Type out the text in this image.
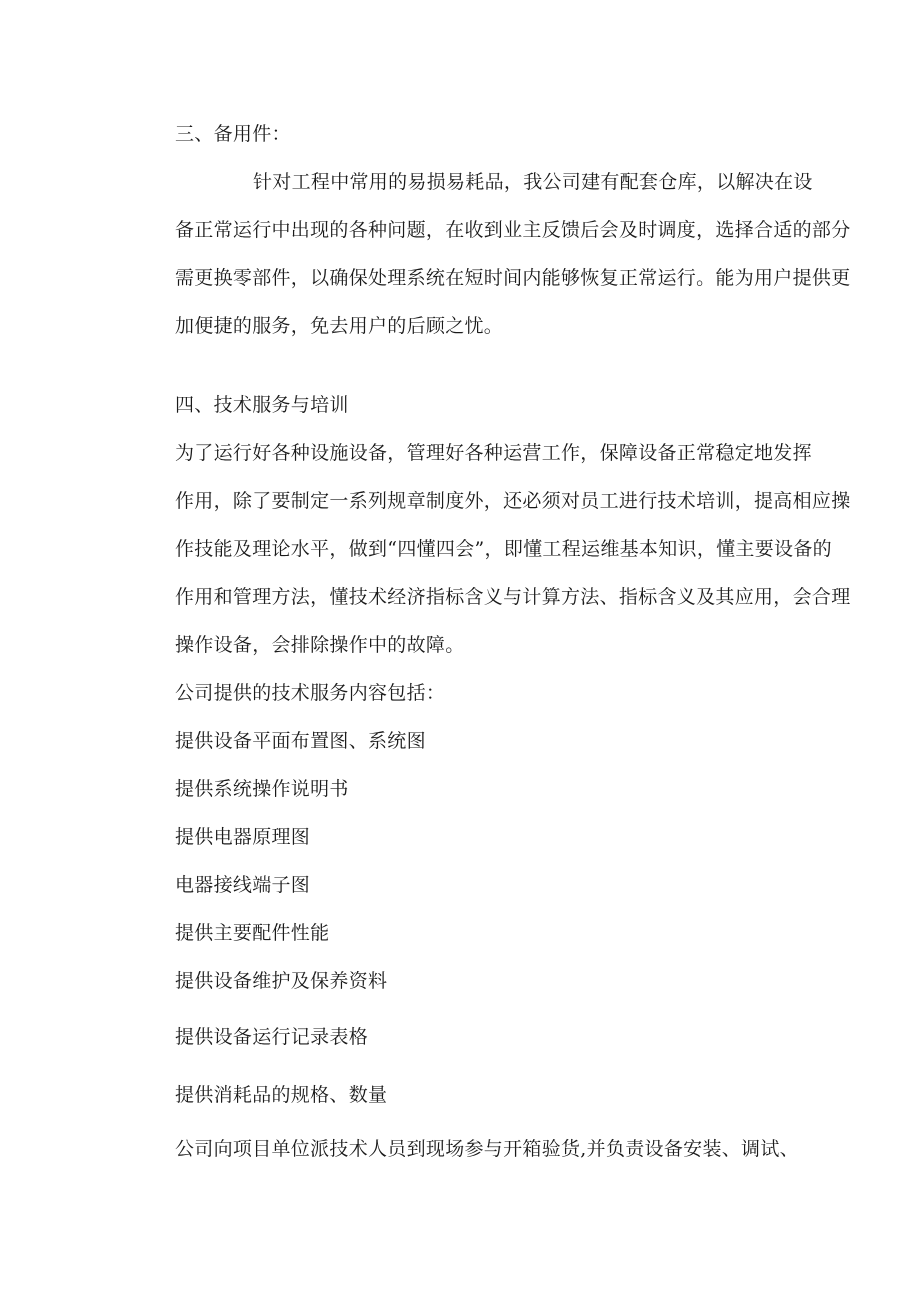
三、备用件：
针对工程中常用的易损易耗品，我公司建有配套仓库，以解决在设
备正常运行中出现的各种问题，在收到业主反馈后会及时调度，选择合适的部分
需更换零部件，以确保处理系统在短时间内能够恢复正常运行。能为用户提供更
加便捷的服务，免去用户的后顾之忧。
四、技术服务与培训
为了运行好各种设施设备，管理好各种运营工作，保障设备正常稳定地发挥
作用，除了要制定一系列规章制度外，还必须对员工进行技术培训，提高相应操
作技能及理论水平，做到“四懂四会”，即懂工程运维基本知识，懂主要设备的
作用和管理方法，懂技术经济指标含义与计算方法、指标含义及其应用，会合理
操作设备，会排除操作中的故障。
公司提供的技术服务内容包括：
提供设备平面布置图、系统图
提供系统操作说明书
提供电器原理图
电器接线端子图
提供主要配件性能
提供设备维护及保养资料
提供设备运行记录表格
提供消耗品的规格、数量
公司向项目单位派技术人员到现场参与开箱验货,并负责设备安装、调试、
